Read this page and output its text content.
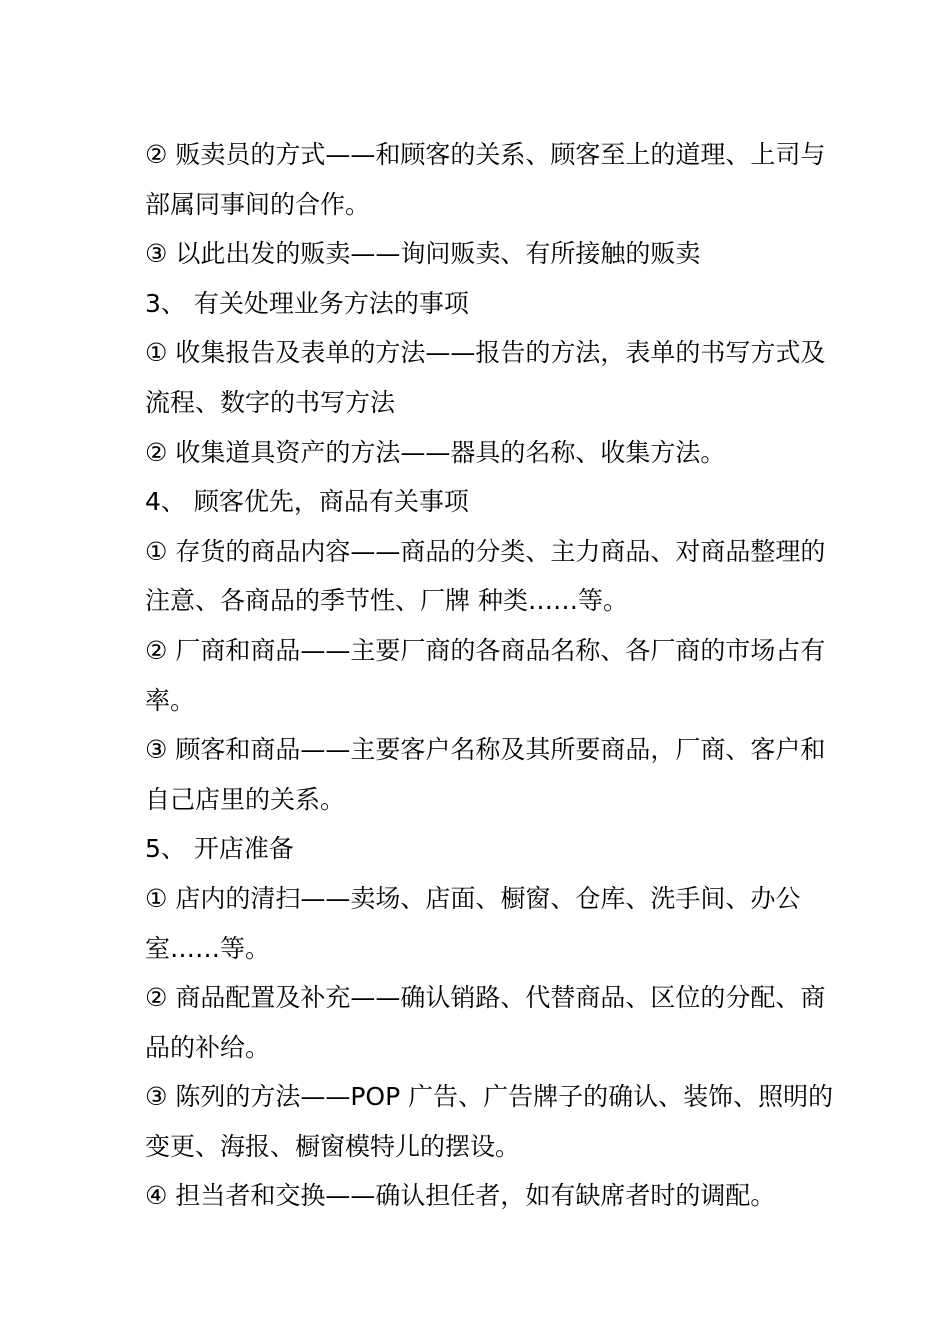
② 贩卖员的方式——和顾客的关系、顾客至上的道理、上司与部属同事间的合作。

③ 以此出发的贩卖——询问贩卖、有所接触的贩卖

3、 有关处理业务方法的事项

① 收集报告及表单的方法——报告的方法，表单的书写方式及流程、数字的书写方法

② 收集道具资产的方法——器具的名称、收集方法。

4、 顾客优先，商品有关事项

① 存货的商品内容——商品的分类、主力商品、对商品整理的注意、各商品的季节性、厂牌 种类……等。

② 厂商和商品——主要厂商的各商品名称、各厂商的市场占有率。

③ 顾客和商品——主要客户名称及其所要商品，厂商、客户和自己店里的关系。

5、 开店准备

① 店内的清扫——卖场、店面、橱窗、仓库、洗手间、办公室……等。

② 商品配置及补充——确认销路、代替商品、区位的分配、商品的补给。

③ 陈列的方法——POP 广告、广告牌子的确认、装饰、照明的变更、海报、橱窗模特儿的摆设。

④ 担当者和交换——确认担任者，如有缺席者时的调配。
